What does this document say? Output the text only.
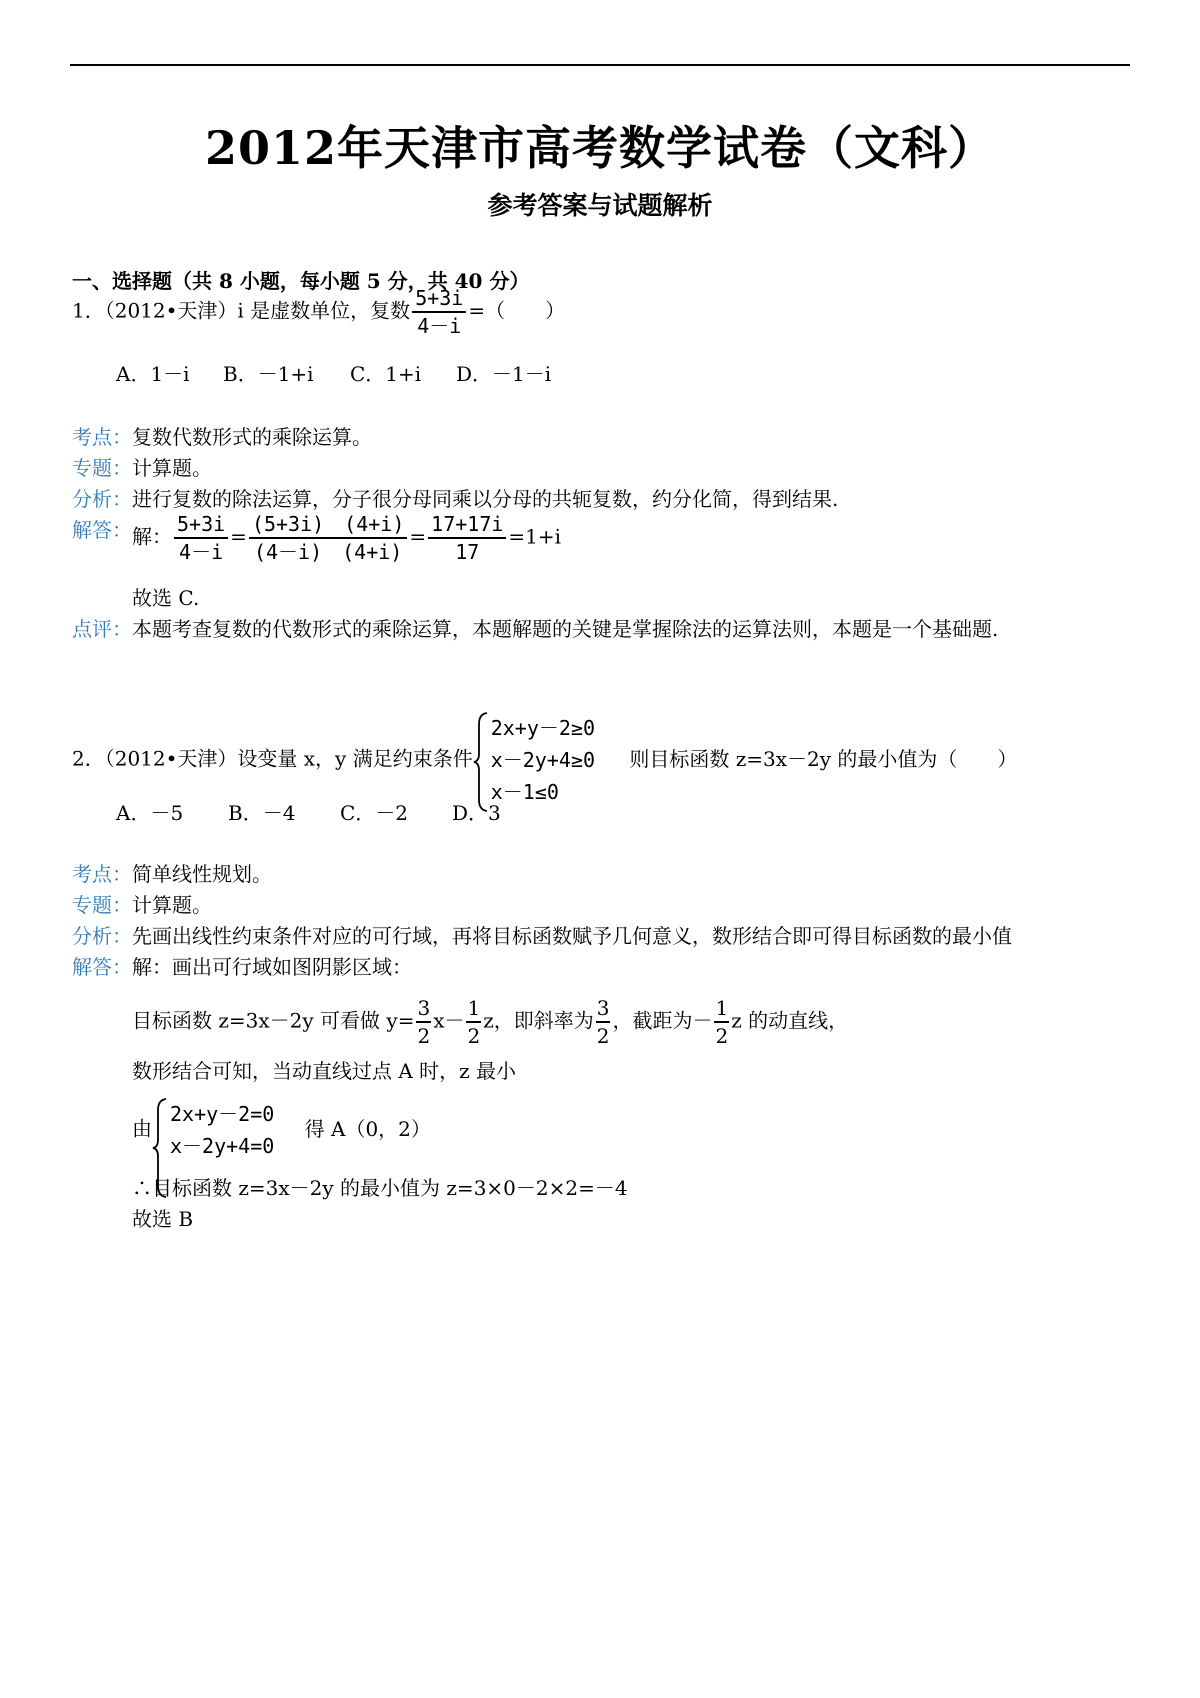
2012年天津市高考数学试卷（文科）
参考答案与试题解析
一、选择题（共 8 小题，每小题 5 分，共 40 分）
1．（2012•天津）i 是虚数单位，复数 $\frac{5+3i}{4-i}$ =（　　）
A．1－i B．－1+i C．1+i D．－1－i
考点：复数代数形式的乘除运算。
专题：计算题。
分析：进行复数的除法运算，分子很分母同乘以分母的共轭复数，约分化简，得到结果.
解答： 解： $\frac{5+3i}{4-i} = \frac{(5+3i) (4+i)}{(4-i) (4+i)} = \frac{17+17i}{17} =1+i$
故选 C.
点评：本题考查复数的代数形式的乘除运算，本题解题的关键是掌握除法的运算法则，本题是一个基础题.
2．（2012•天津）设变量 x，y 满足约束条件
2x+y－2≥0
x－2y+4≥0
x－1≤0
则目标函数 z=3x－2y 的最小值为（　　）
A．－5 B．－4 C．－2 D．3
考点：简单线性规划。
专题：计算题。
分析：先画出线性约束条件对应的可行域，再将目标函数赋予几何意义，数形结合即可得目标函数的最小值
解答：解：画出可行域如图阴影区域：
目标函数 z=3x－2y 可看做 $y= \frac{3}{2} x- \frac{1}{2}$ z，即斜率为 $\frac{3}{2}$ ，截距为－ $\frac{1}{2}$ z 的动直线，
数形结合可知，当动直线过点 A 时，z 最小
由
2x+y－2=0
x－2y+4=0
得 A（0，2）
∴目标函数 z=3x－2y 的最小值为 z=3×0－2×2=－4
故选 B
